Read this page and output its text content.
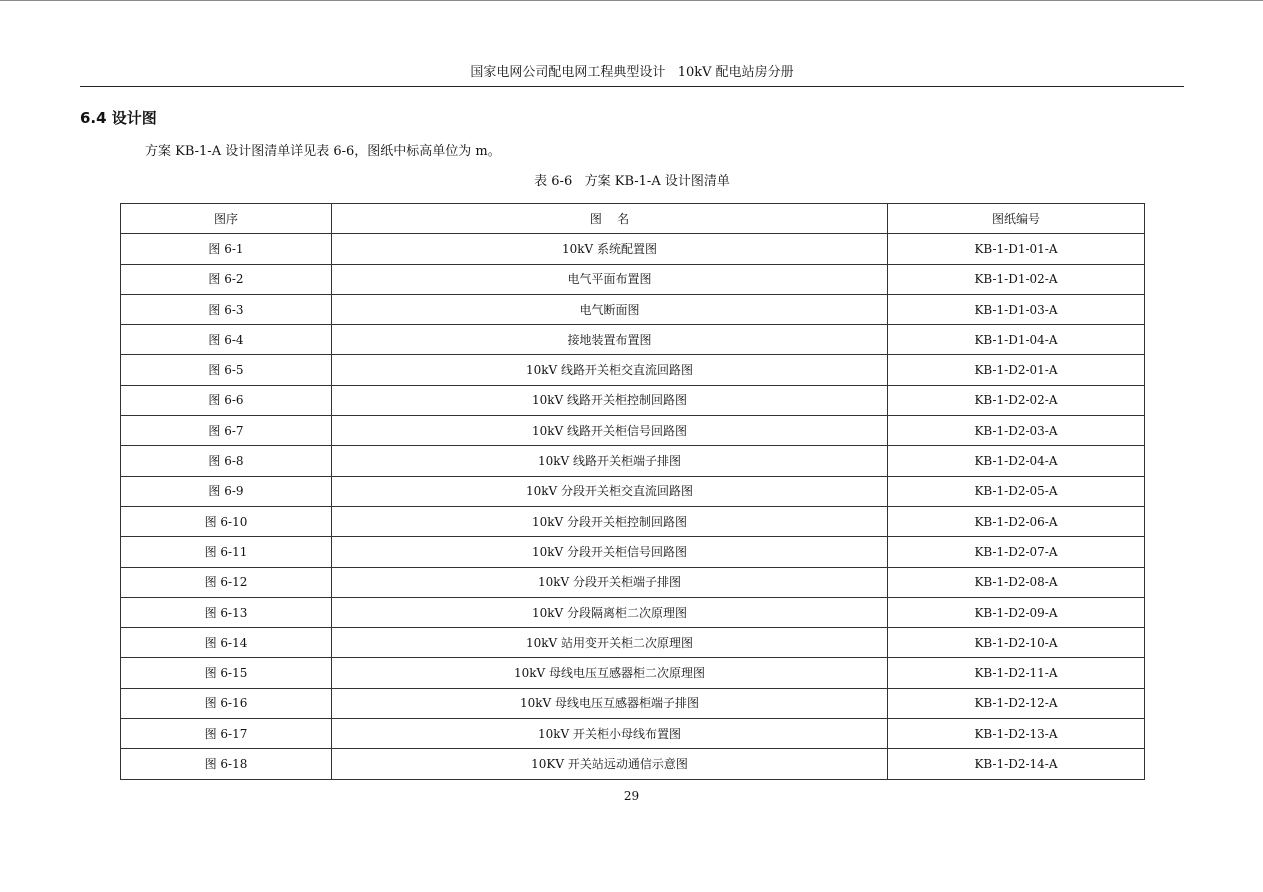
国家电网公司配电网工程典型设计   10kV 配电站房分册
6.4 设计图
方案 KB-1-A 设计图清单详见表 6-6，图纸中标高单位为 m。
表 6-6   方案 KB-1-A 设计图清单
图序	图    名	图纸编号
图 6-1	10kV 系统配置图	KB-1-D1-01-A
图 6-2	电气平面布置图	KB-1-D1-02-A
图 6-3	电气断面图	KB-1-D1-03-A
图 6-4	接地装置布置图	KB-1-D1-04-A
图 6-5	10kV 线路开关柜交直流回路图	KB-1-D2-01-A
图 6-6	10kV 线路开关柜控制回路图	KB-1-D2-02-A
图 6-7	10kV 线路开关柜信号回路图	KB-1-D2-03-A
图 6-8	10kV 线路开关柜端子排图	KB-1-D2-04-A
图 6-9	10kV 分段开关柜交直流回路图	KB-1-D2-05-A
图 6-10	10kV 分段开关柜控制回路图	KB-1-D2-06-A
图 6-11	10kV 分段开关柜信号回路图	KB-1-D2-07-A
图 6-12	10kV 分段开关柜端子排图	KB-1-D2-08-A
图 6-13	10kV 分段隔离柜二次原理图	KB-1-D2-09-A
图 6-14	10kV 站用变开关柜二次原理图	KB-1-D2-10-A
图 6-15	10kV 母线电压互感器柜二次原理图	KB-1-D2-11-A
图 6-16	10kV 母线电压互感器柜端子排图	KB-1-D2-12-A
图 6-17	10kV 开关柜小母线布置图	KB-1-D2-13-A
图 6-18	10KV 开关站远动通信示意图	KB-1-D2-14-A
29
